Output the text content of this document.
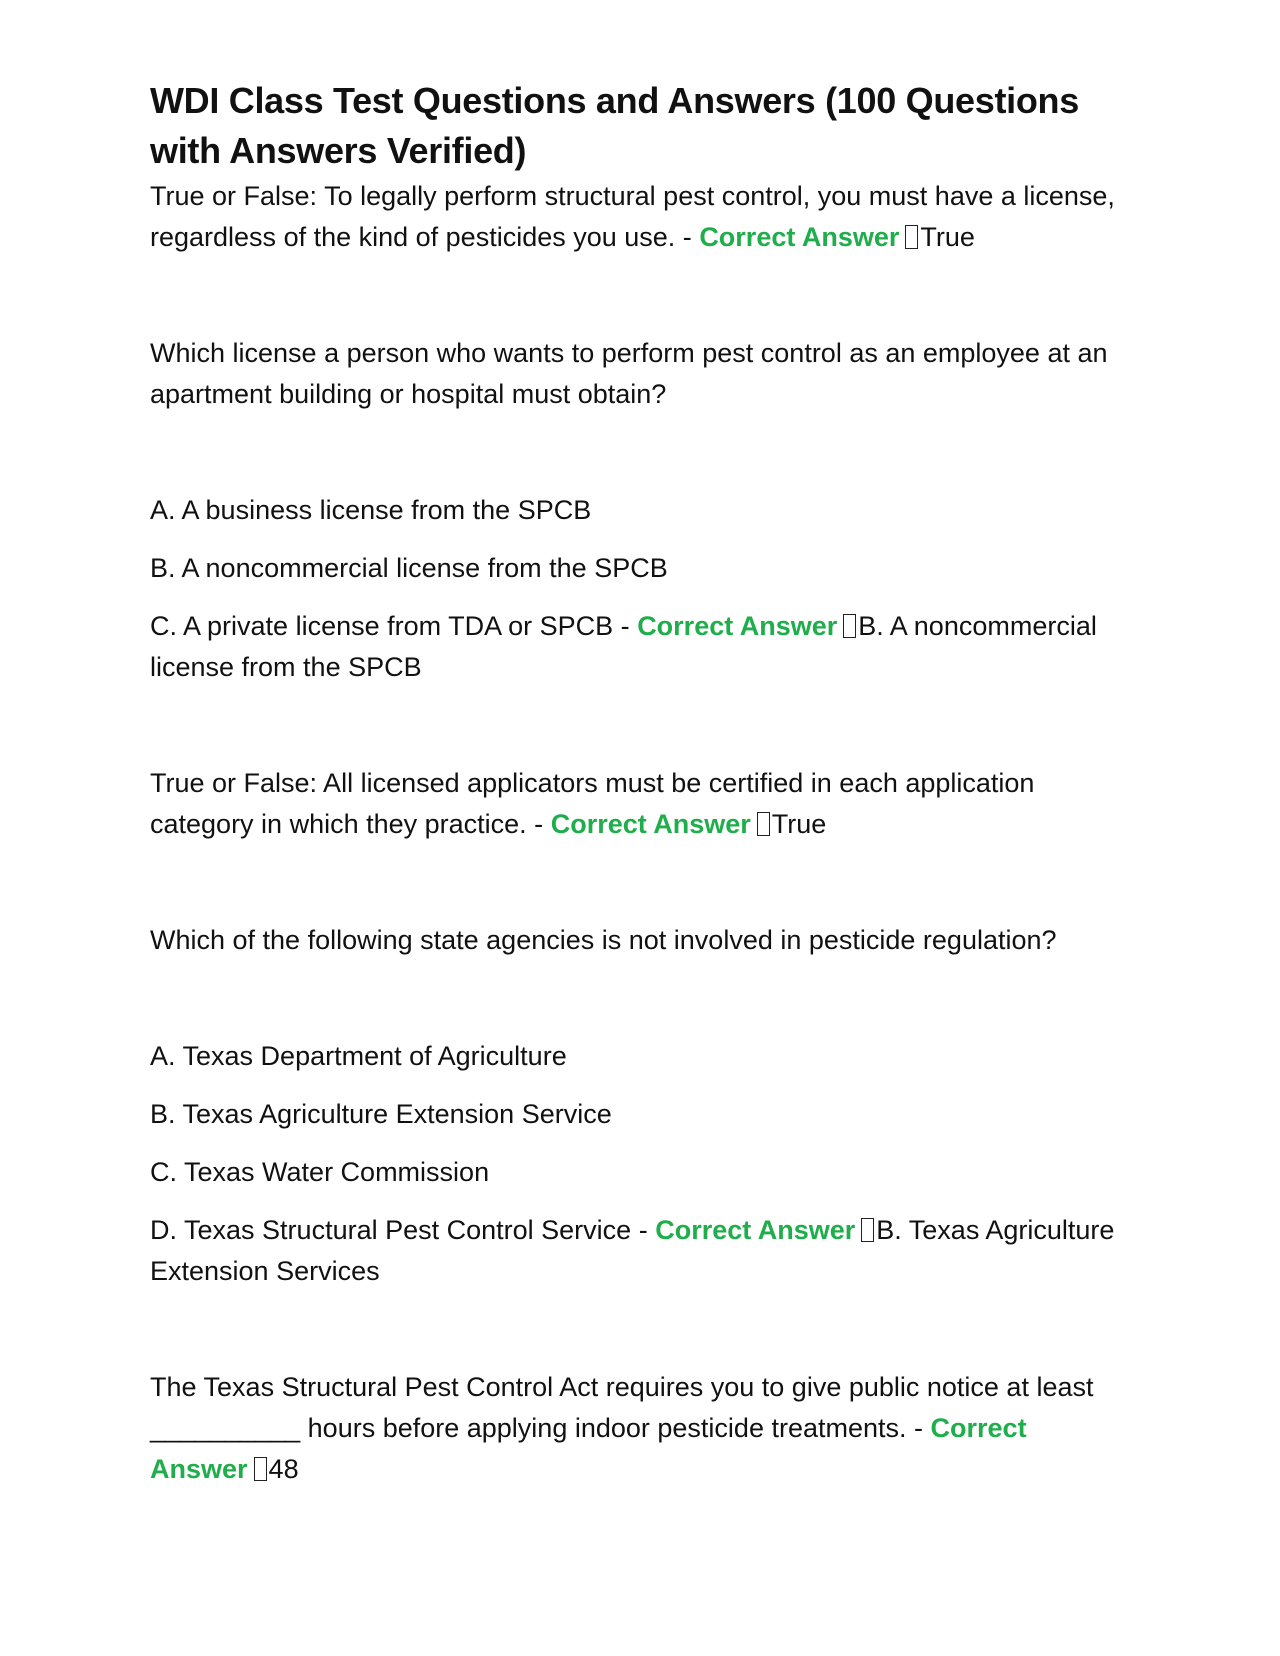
WDI Class Test Questions and Answers (100 Questions with Answers Verified)

True or False: To legally perform structural pest control, you must have a license, regardless of the kind of pesticides you use. - Correct Answer True

Which license a person who wants to perform pest control as an employee at an apartment building or hospital must obtain?

A. A business license from the SPCB

B. A noncommercial license from the SPCB

C. A private license from TDA or SPCB - Correct Answer B. A noncommercial license from the SPCB

True or False: All licensed applicators must be certified in each application category in which they practice. - Correct Answer True

Which of the following state agencies is not involved in pesticide regulation?

A. Texas Department of Agriculture

B. Texas Agriculture Extension Service

C. Texas Water Commission

D. Texas Structural Pest Control Service - Correct Answer B. Texas Agriculture Extension Services

The Texas Structural Pest Control Act requires you to give public notice at least __________ hours before applying indoor pesticide treatments. - Correct Answer 48
